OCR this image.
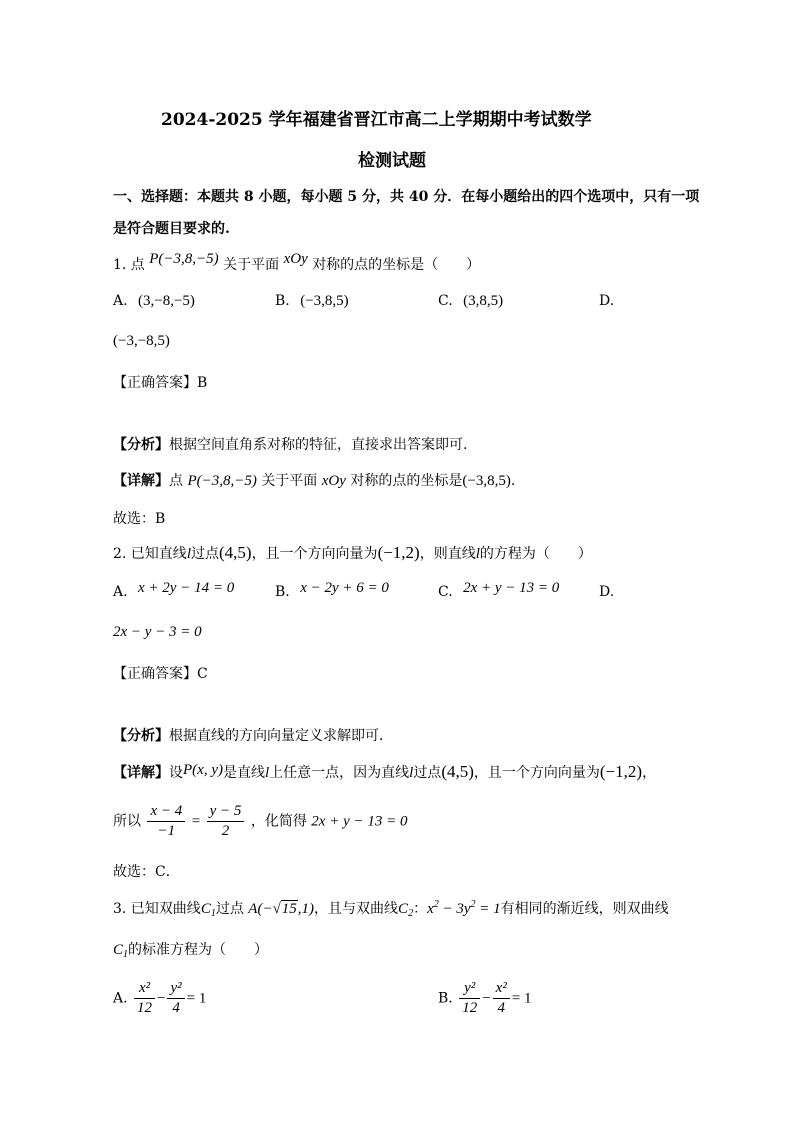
2024-2025 学年福建省晋江市高二上学期期中考试数学
检测试题
一、选择题：本题共 8 小题，每小题 5 分，共 40 分．在每小题给出的四个选项中，只有一项
是符合题目要求的.
1. 点 P(−3,8,−5) 关于平面 xOy 对称的点的坐标是（　　）
A. (3,−8,−5)	B. (−3,8,5)	C. (3,8,5)	D.
(−3,−8,5)
【正确答案】B
【分析】根据空间直角系对称的特征，直接求出答案即可.
【详解】点 P(−3,8,−5) 关于平面 xOy 对称的点的坐标是(−3,8,5).
故选：B
2. 已知直线l过点(4,5)，且一个方向向量为(−1,2)，则直线l的方程为（　　）
A. x + 2y − 14 = 0	B. x − 2y + 6 = 0	C. 2x + y − 13 = 0	D.
2x − y − 3 = 0
【正确答案】C
【分析】根据直线的方向向量定义求解即可．
【详解】设P(x, y)是直线l上任意一点，因为直线l过点(4,5)，且一个方向向量为(−1,2)，
所以 $\frac{x - 4}{-1} = \frac{y - 5}{2}$ ，化简得 2x + y − 13 = 0
故选：C．
3. 已知双曲线$C_1$过点 A(−√15,1)，且与双曲线$C_2$：$x^2 - 3y^2 = 1$有相同的渐近线，则双曲线
$C_1$的标准方程为（　　）
A. $\frac{\text{x²}}{12} - \frac{\text{y²}}{4} = 1$	B. $\frac{\text{y²}}{12} - \frac{\text{x²}}{4} = 1$
